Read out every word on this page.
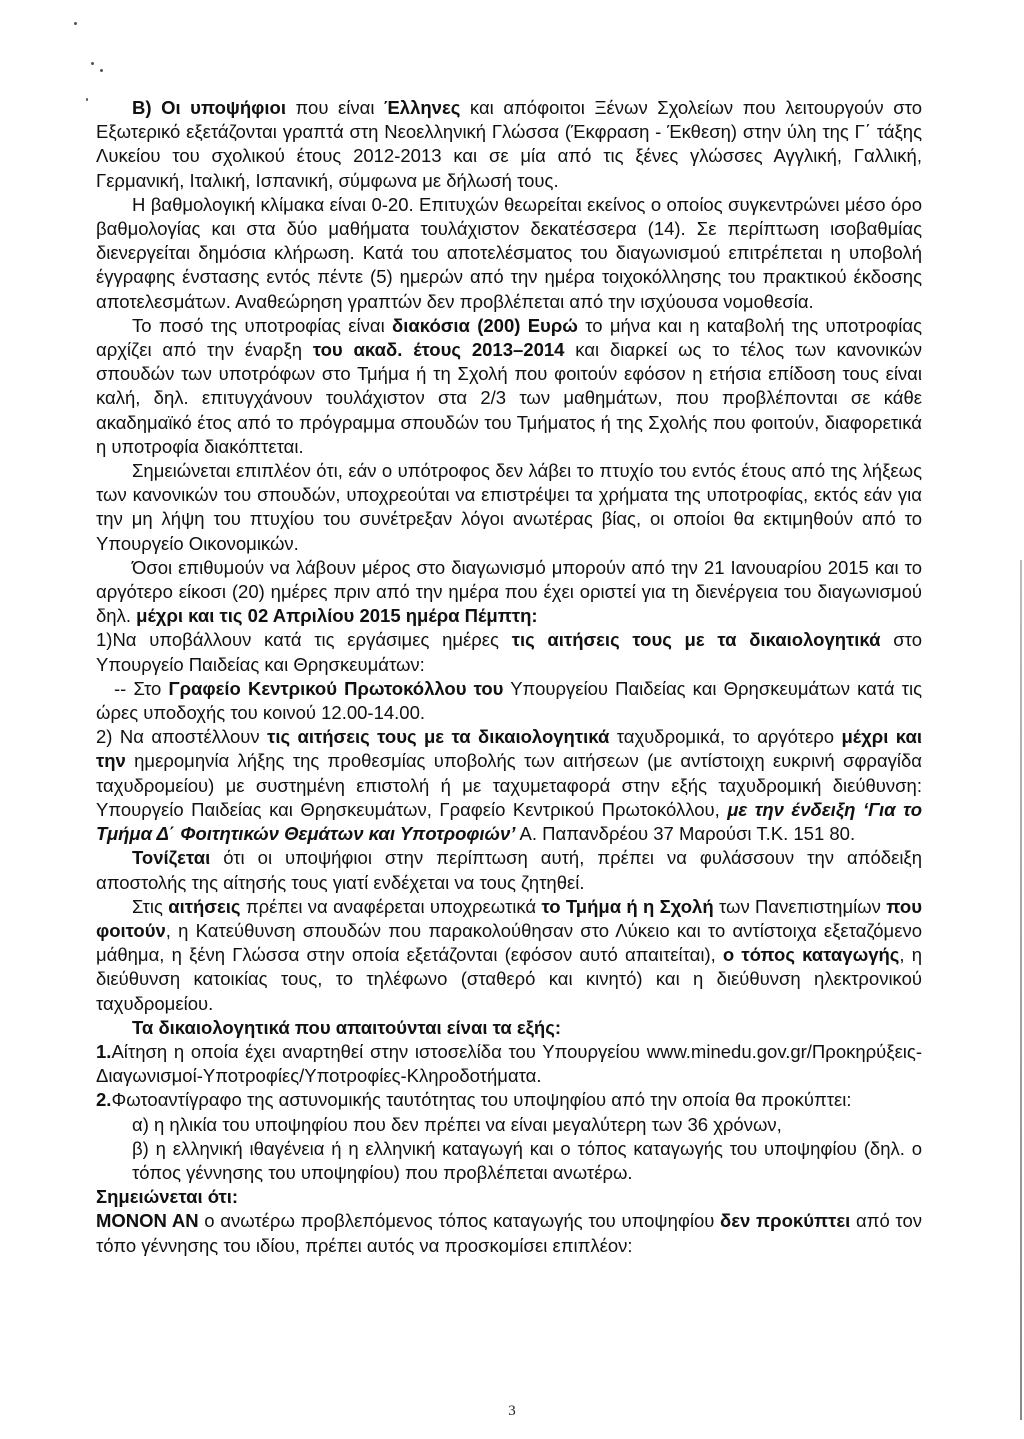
Β) Οι υποψήφιοι που είναι Έλληνες και απόφοιτοι Ξένων Σχολείων που λειτουργούν στο Εξωτερικό εξετάζονται γραπτά στη Νεοελληνική Γλώσσα (Έκφραση - Έκθεση) στην ύλη της Γ΄ τάξης Λυκείου του σχολικού έτους 2012-2013 και σε μία από τις ξένες γλώσσες Αγγλική, Γαλλική, Γερμανική, Ιταλική, Ισπανική, σύμφωνα με δήλωσή τους.

Η βαθμολογική κλίμακα είναι 0-20. Επιτυχών θεωρείται εκείνος ο οποίος συγκεντρώνει μέσο όρο βαθμολογίας και στα δύο μαθήματα τουλάχιστον δεκατέσσερα (14). Σε περίπτωση ισοβαθμίας διενεργείται δημόσια κλήρωση. Κατά του αποτελέσματος του διαγωνισμού επιτρέπεται η υποβολή έγγραφης ένστασης εντός πέντε (5) ημερών από την ημέρα τοιχοκόλλησης του πρακτικού έκδοσης αποτελεσμάτων. Αναθεώρηση γραπτών δεν προβλέπεται από την ισχύουσα νομοθεσία.

Το ποσό της υποτροφίας είναι διακόσια (200) Ευρώ το μήνα και η καταβολή της υποτροφίας αρχίζει από την έναρξη του ακαδ. έτους 2013–2014 και διαρκεί ως το τέλος των κανονικών σπουδών των υποτρόφων στο Τμήμα ή τη Σχολή που φοιτούν εφόσον η ετήσια επίδοση τους είναι καλή, δηλ. επιτυγχάνουν τουλάχιστον στα 2/3 των μαθημάτων, που προβλέπονται σε κάθε ακαδημαϊκό έτος από το πρόγραμμα σπουδών του Τμήματος ή της Σχολής που φοιτούν, διαφορετικά η υποτροφία διακόπτεται.

Σημειώνεται επιπλέον ότι, εάν ο υπότροφος δεν λάβει το πτυχίο του εντός έτους από της λήξεως των κανονικών του σπουδών, υποχρεούται να επιστρέψει τα χρήματα της υποτροφίας, εκτός εάν για την μη λήψη του πτυχίου του συνέτρεξαν λόγοι ανωτέρας βίας, οι οποίοι θα εκτιμηθούν από το Υπουργείο Οικονομικών.

Όσοι επιθυμούν να λάβουν μέρος στο διαγωνισμό μπορούν από την 21 Ιανουαρίου 2015 και το αργότερο είκοσι (20) ημέρες πριν από την ημέρα που έχει οριστεί για τη διενέργεια του διαγωνισμού δηλ. μέχρι και τις 02 Απριλίου 2015 ημέρα Πέμπτη:

1)Να υποβάλλουν κατά τις εργάσιμες ημέρες τις αιτήσεις τους με τα δικαιολογητικά στο Υπουργείο Παιδείας και Θρησκευμάτων:

-- Στο Γραφείο Κεντρικού Πρωτοκόλλου του Υπουργείου Παιδείας και Θρησκευμάτων κατά τις ώρες υποδοχής του κοινού 12.00-14.00.

2) Να αποστέλλουν τις αιτήσεις τους με τα δικαιολογητικά ταχυδρομικά, το αργότερο μέχρι και την ημερομηνία λήξης της προθεσμίας υποβολής των αιτήσεων (με αντίστοιχη ευκρινή σφραγίδα ταχυδρομείου) με συστημένη επιστολή ή με ταχυμεταφορά στην εξής ταχυδρομική διεύθυνση: Υπουργείο Παιδείας και Θρησκευμάτων, Γραφείο Κεντρικού Πρωτοκόλλου, με την ένδειξη ‘Για το Τμήμα Δ΄ Φοιτητικών Θεμάτων και Υποτροφιών’ Α. Παπανδρέου 37 Μαρούσι Τ.Κ. 151 80.

Τονίζεται ότι οι υποψήφιοι στην περίπτωση αυτή, πρέπει να φυλάσσουν την απόδειξη αποστολής της αίτησής τους γιατί ενδέχεται να τους ζητηθεί.

Στις αιτήσεις πρέπει να αναφέρεται υποχρεωτικά το Τμήμα ή η Σχολή των Πανεπιστημίων που φοιτούν, η Κατεύθυνση σπουδών που παρακολούθησαν στο Λύκειο και το αντίστοιχα εξεταζόμενο μάθημα, η ξένη Γλώσσα στην οποία εξετάζονται (εφόσον αυτό απαιτείται), ο τόπος καταγωγής, η διεύθυνση κατοικίας τους, το τηλέφωνο (σταθερό και κινητό) και η διεύθυνση ηλεκτρονικού ταχυδρομείου.

Τα δικαιολογητικά που απαιτούνται είναι τα εξής:

1.Αίτηση η οποία έχει αναρτηθεί στην ιστοσελίδα του Υπουργείου www.minedu.gov.gr/Προκηρύξεις-Διαγωνισμοί-Υποτροφίες/Υποτροφίες-Κληροδοτήματα.

2.Φωτοαντίγραφο της αστυνομικής ταυτότητας του υποψηφίου από την οποία θα προκύπτει:

α) η ηλικία του υποψηφίου που δεν πρέπει να είναι μεγαλύτερη των 36 χρόνων,

β) η ελληνική ιθαγένεια ή η ελληνική καταγωγή και ο τόπος καταγωγής του υποψηφίου (δηλ. ο τόπος γέννησης του υποψηφίου) που προβλέπεται ανωτέρω.

Σημειώνεται ότι:

ΜΟΝΟΝ ΑΝ ο ανωτέρω προβλεπόμενος τόπος καταγωγής του υποψηφίου δεν προκύπτει από τον τόπο γέννησης του ιδίου, πρέπει αυτός να προσκομίσει επιπλέον:

3
